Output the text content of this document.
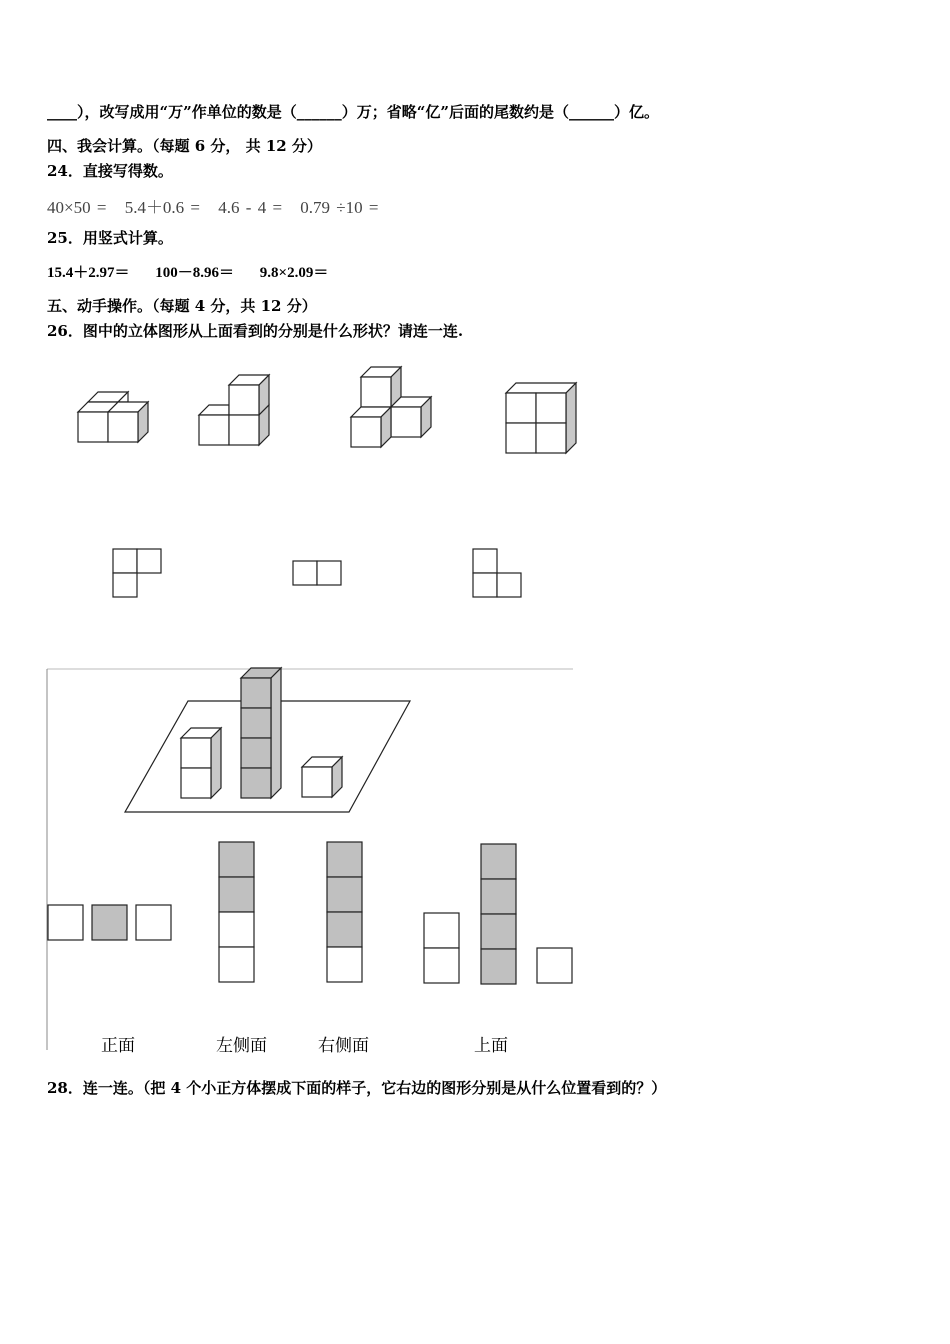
____），改写成用“万”作单位的数是（______）万；省略“亿”后面的尾数约是（______）亿。
四、我会计算。（每题 6 分， 共 12 分）
24．直接写得数。
40×50 = 5.4＋0.6 = 4.6 - 4 = 0.79 ÷10 =
25．用竖式计算。
15.4＋2.97＝ 100－8.96＝ 9.8×2.09＝
五、动手操作。（每题 4 分，共 12 分）
26．图中的立体图形从上面看到的分别是什么形状？请连一连.
正面	左侧面	右侧面	上面
28．连一连。（把 4 个小正方体摆成下面的样子，它右边的图形分别是从什么位置看到的？）
